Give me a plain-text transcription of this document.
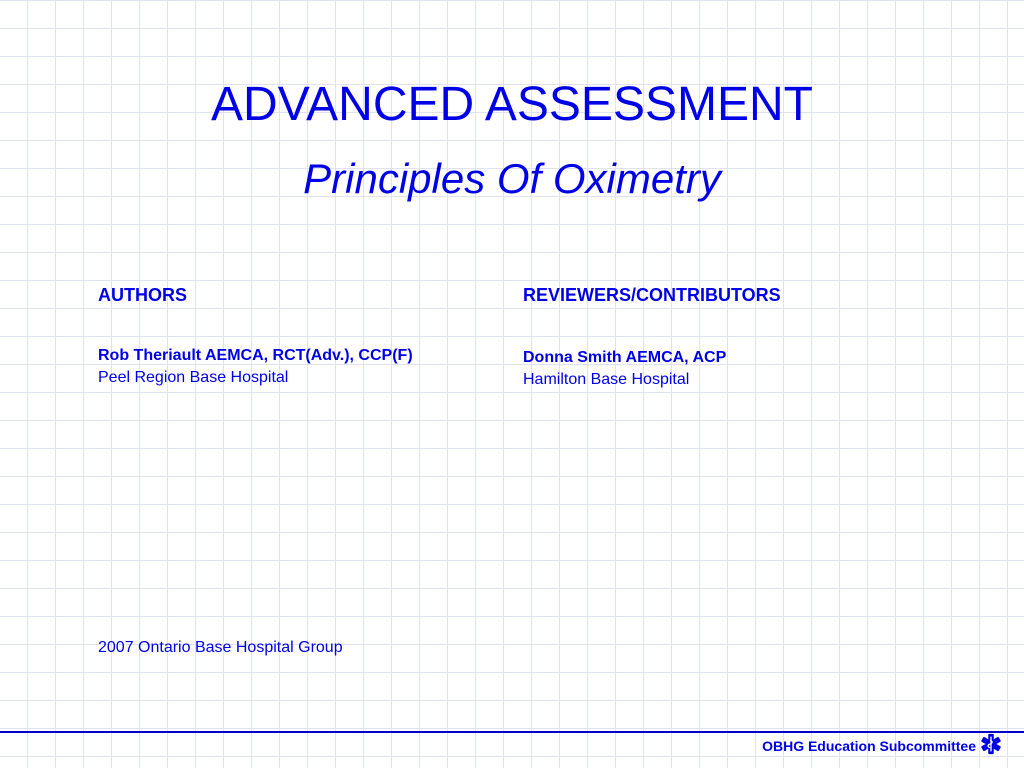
ADVANCED ASSESSMENT
Principles Of Oximetry
AUTHORS
Rob Theriault AEMCA, RCT(Adv.), CCP(F)
Peel Region Base Hospital
REVIEWERS/CONTRIBUTORS
Donna Smith AEMCA, ACP
Hamilton Base Hospital
2007 Ontario Base Hospital Group
OBHG Education Subcommittee
